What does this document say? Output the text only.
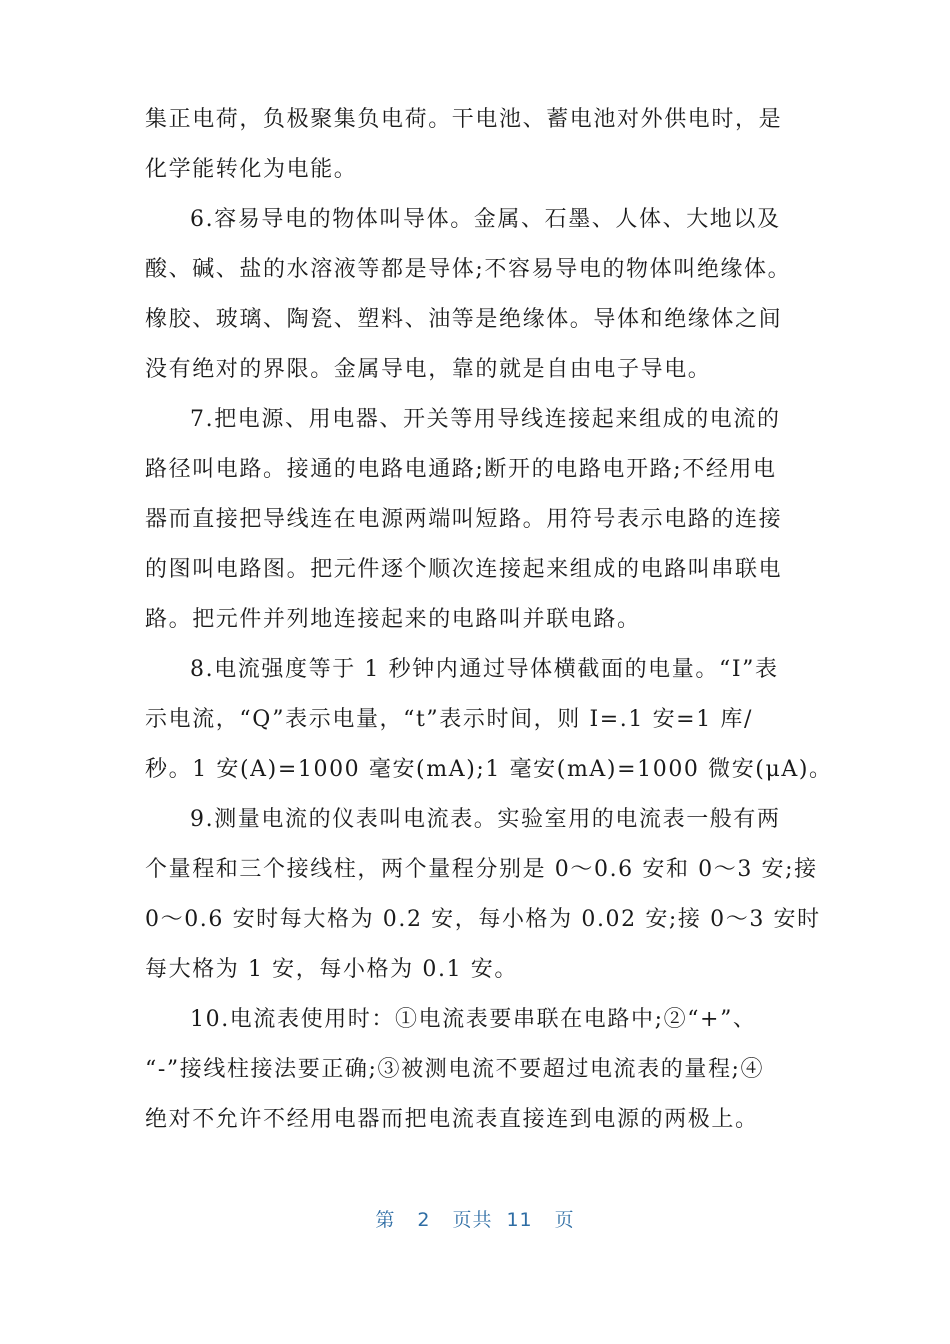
集正电荷，负极聚集负电荷。干电池、蓄电池对外供电时，是
化学能转化为电能。
6.容易导电的物体叫导体。金属、石墨、人体、大地以及
酸、碱、盐的水溶液等都是导体;不容易导电的物体叫绝缘体。
橡胶、玻璃、陶瓷、塑料、油等是绝缘体。导体和绝缘体之间
没有绝对的界限。金属导电，靠的就是自由电子导电。
7.把电源、用电器、开关等用导线连接起来组成的电流的
路径叫电路。接通的电路电通路;断开的电路电开路;不经用电
器而直接把导线连在电源两端叫短路。用符号表示电路的连接
的图叫电路图。把元件逐个顺次连接起来组成的电路叫串联电
路。把元件并列地连接起来的电路叫并联电路。
8.电流强度等于 1 秒钟内通过导体横截面的电量。“I”表
示电流，“Q”表示电量，“t”表示时间，则 I=.1 安=1 库/
秒。1 安(A)=1000 毫安(mA);1 毫安(mA)=1000 微安(μA)。
9.测量电流的仪表叫电流表。实验室用的电流表一般有两
个量程和三个接线柱，两个量程分别是 0～0.6 安和 0～3 安;接
0～0.6 安时每大格为 0.2 安，每小格为 0.02 安;接 0～3 安时
每大格为 1 安，每小格为 0.1 安。
10.电流表使用时：①电流表要串联在电路中;②“+”、
“-”接线柱接法要正确;③被测电流不要超过电流表的量程;④
绝对不允许不经用电器而把电流表直接连到电源的两极上。
第 2 页共 11 页
